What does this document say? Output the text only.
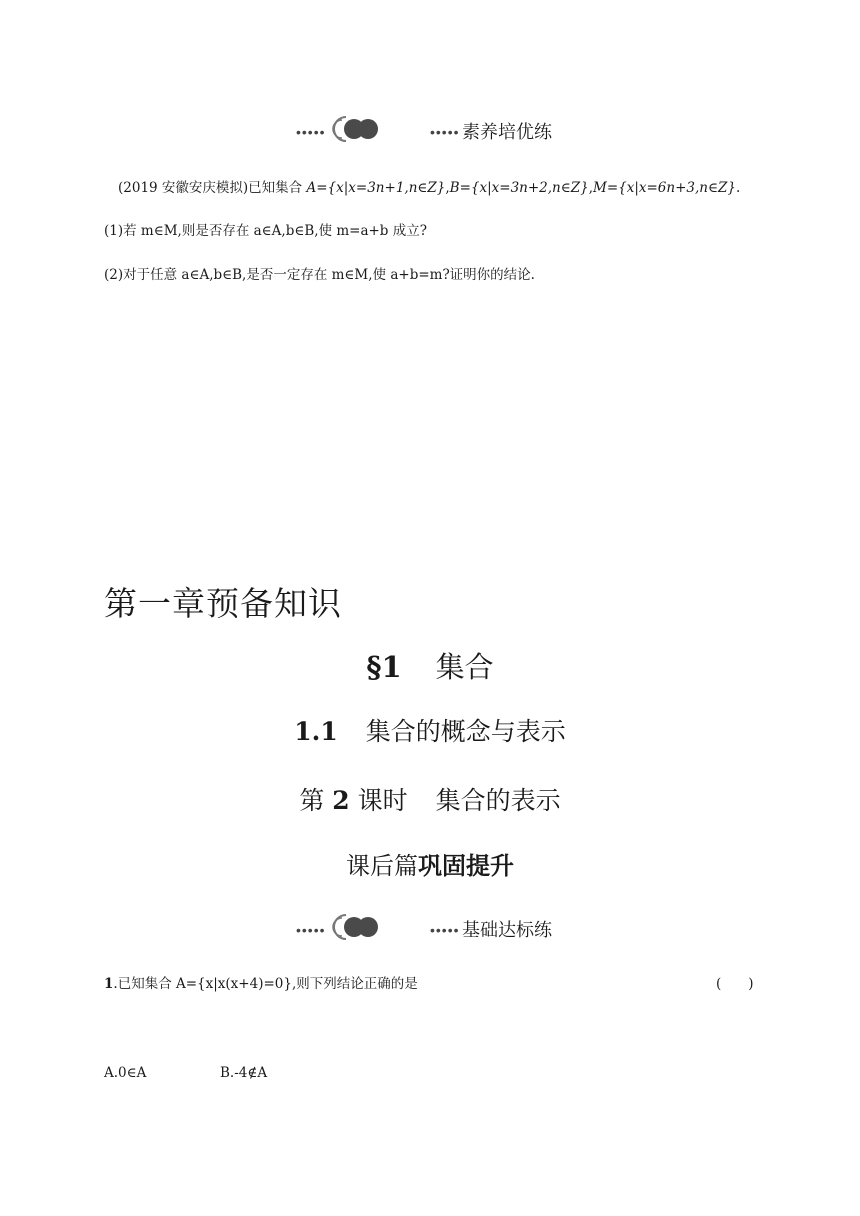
•••••	••••• 素养培优练
(2019 安徽安庆模拟)已知集合 A={x|x=3n+1,n∈Z},B={x|x=3n+2,n∈Z},M={x|x=6n+3,n∈Z}.
(1)若 m∈M,则是否存在 a∈A,b∈B,使 m=a+b 成立?
(2)对于任意 a∈A,b∈B,是否一定存在 m∈M,使 a+b=m?证明你的结论.
第一章预备知识
§1 集合
1.1 集合的概念与表示
第 2 课时 集合的表示
课后篇巩固提升
•••••	••••• 基础达标练
1.已知集合 A={x|x(x+4)=0},则下列结论正确的是	(　　)
A.0∈A	B.-4∉A
